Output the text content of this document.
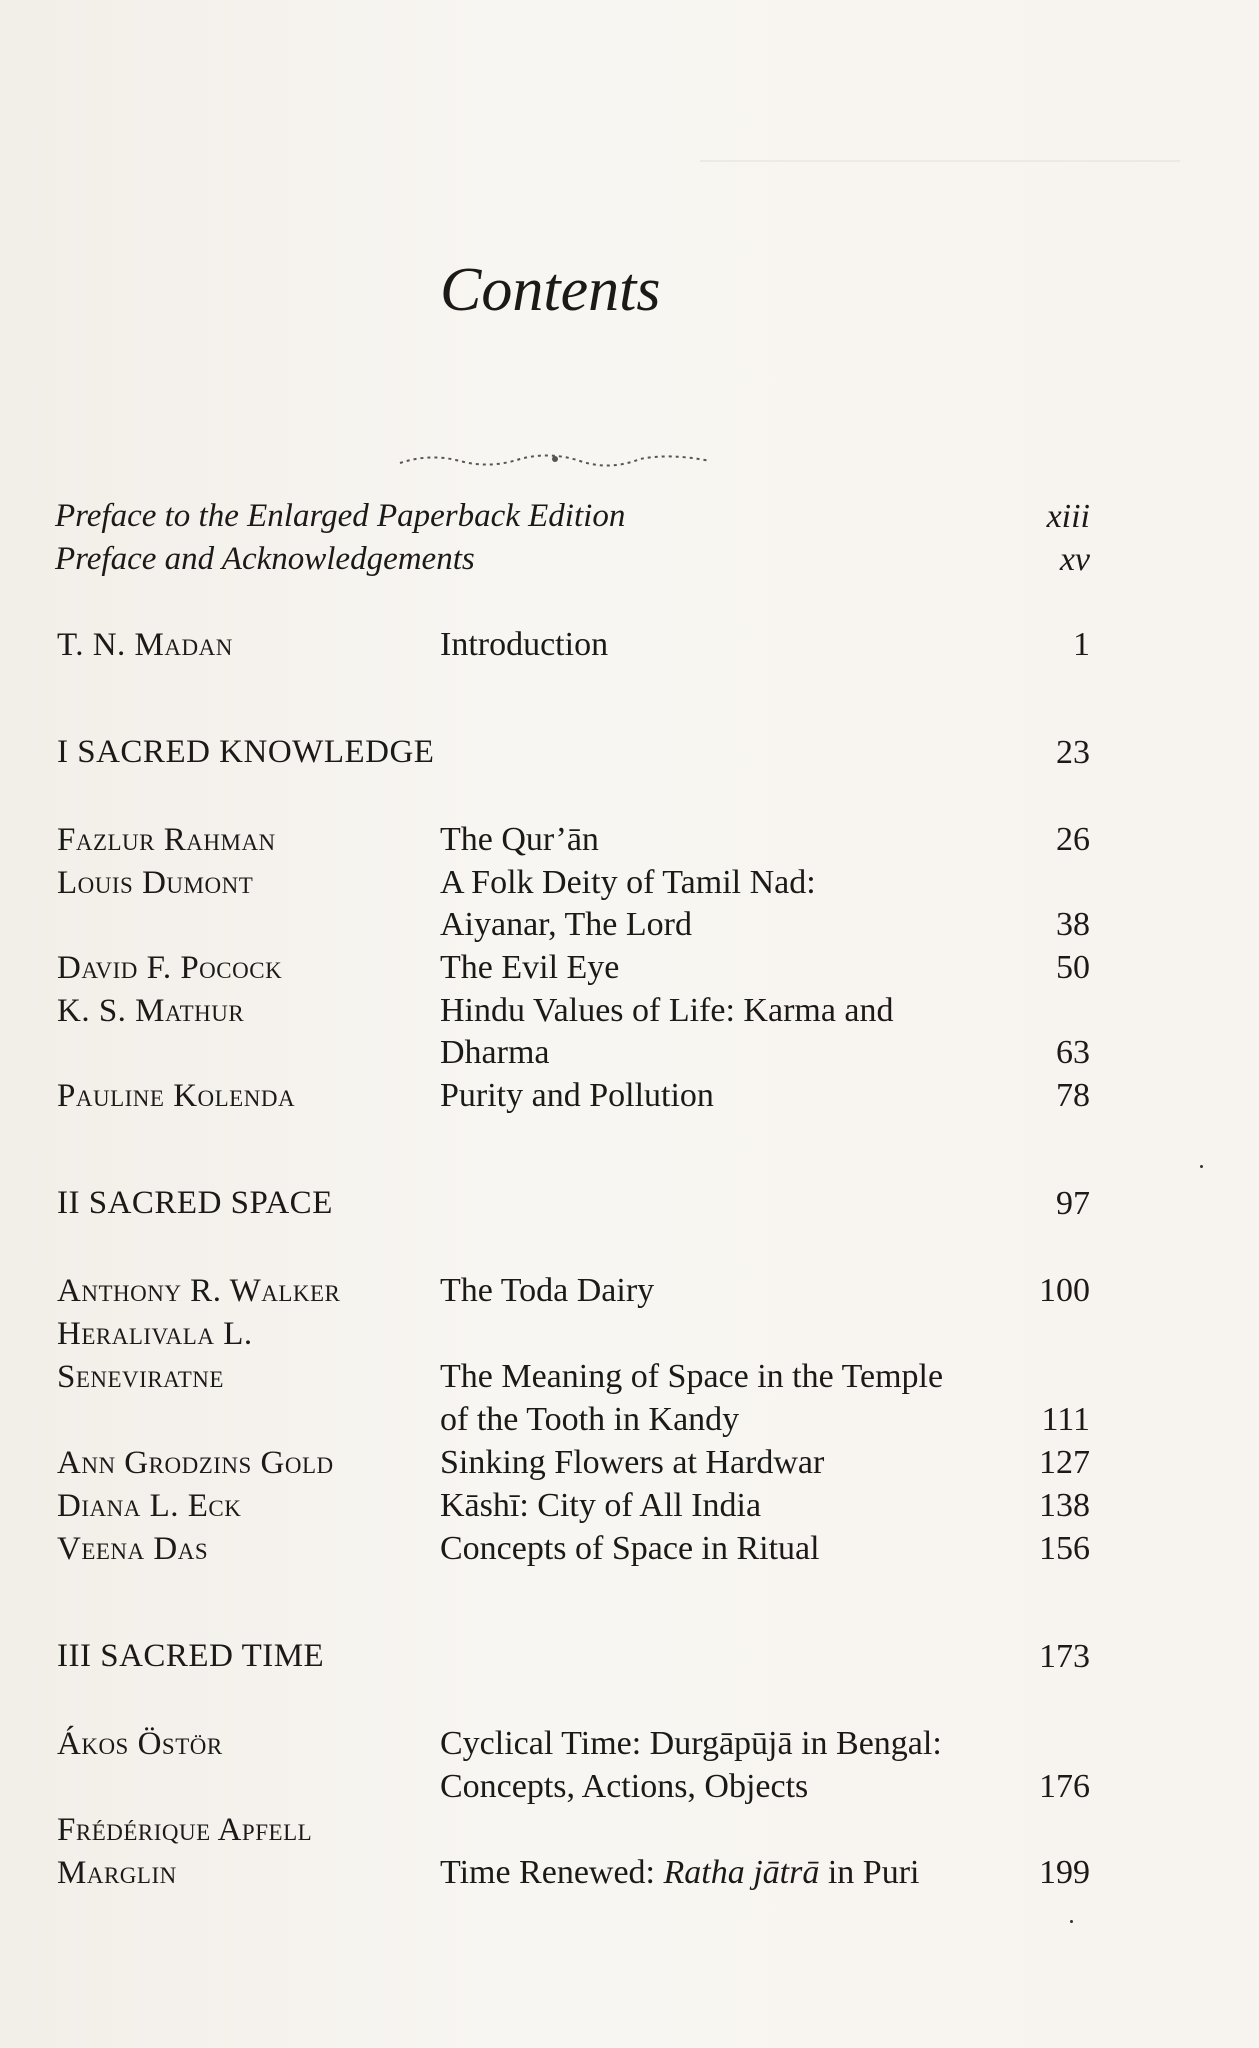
Contents
Preface to the Enlarged Paperback Edition	xiii
Preface and Acknowledgements	xv
T. N. Madan	Introduction	1
I SACRED KNOWLEDGE	23
Fazlur Rahman	The Qur’ān	26
Louis Dumont	A Folk Deity of Tamil Nad:
Aiyanar, The Lord	38
David F. Pocock	The Evil Eye	50
K. S. Mathur	Hindu Values of Life: Karma and
Dharma	63
Pauline Kolenda	Purity and Pollution	78
II SACRED SPACE	97
Anthony R. Walker	The Toda Dairy	100
Heralivala L.
Seneviratne	The Meaning of Space in the Temple
of the Tooth in Kandy	111
Ann Grodzins Gold	Sinking Flowers at Hardwar	127
Diana L. Eck	Kāshī: City of All India	138
Veena Das	Concepts of Space in Ritual	156
III SACRED TIME	173
Ákos Östör	Cyclical Time: Durgāpūjā in Bengal:
Concepts, Actions, Objects	176
Frédérique Apfell
Marglin	Time Renewed: Ratha jātrā in Puri	199
